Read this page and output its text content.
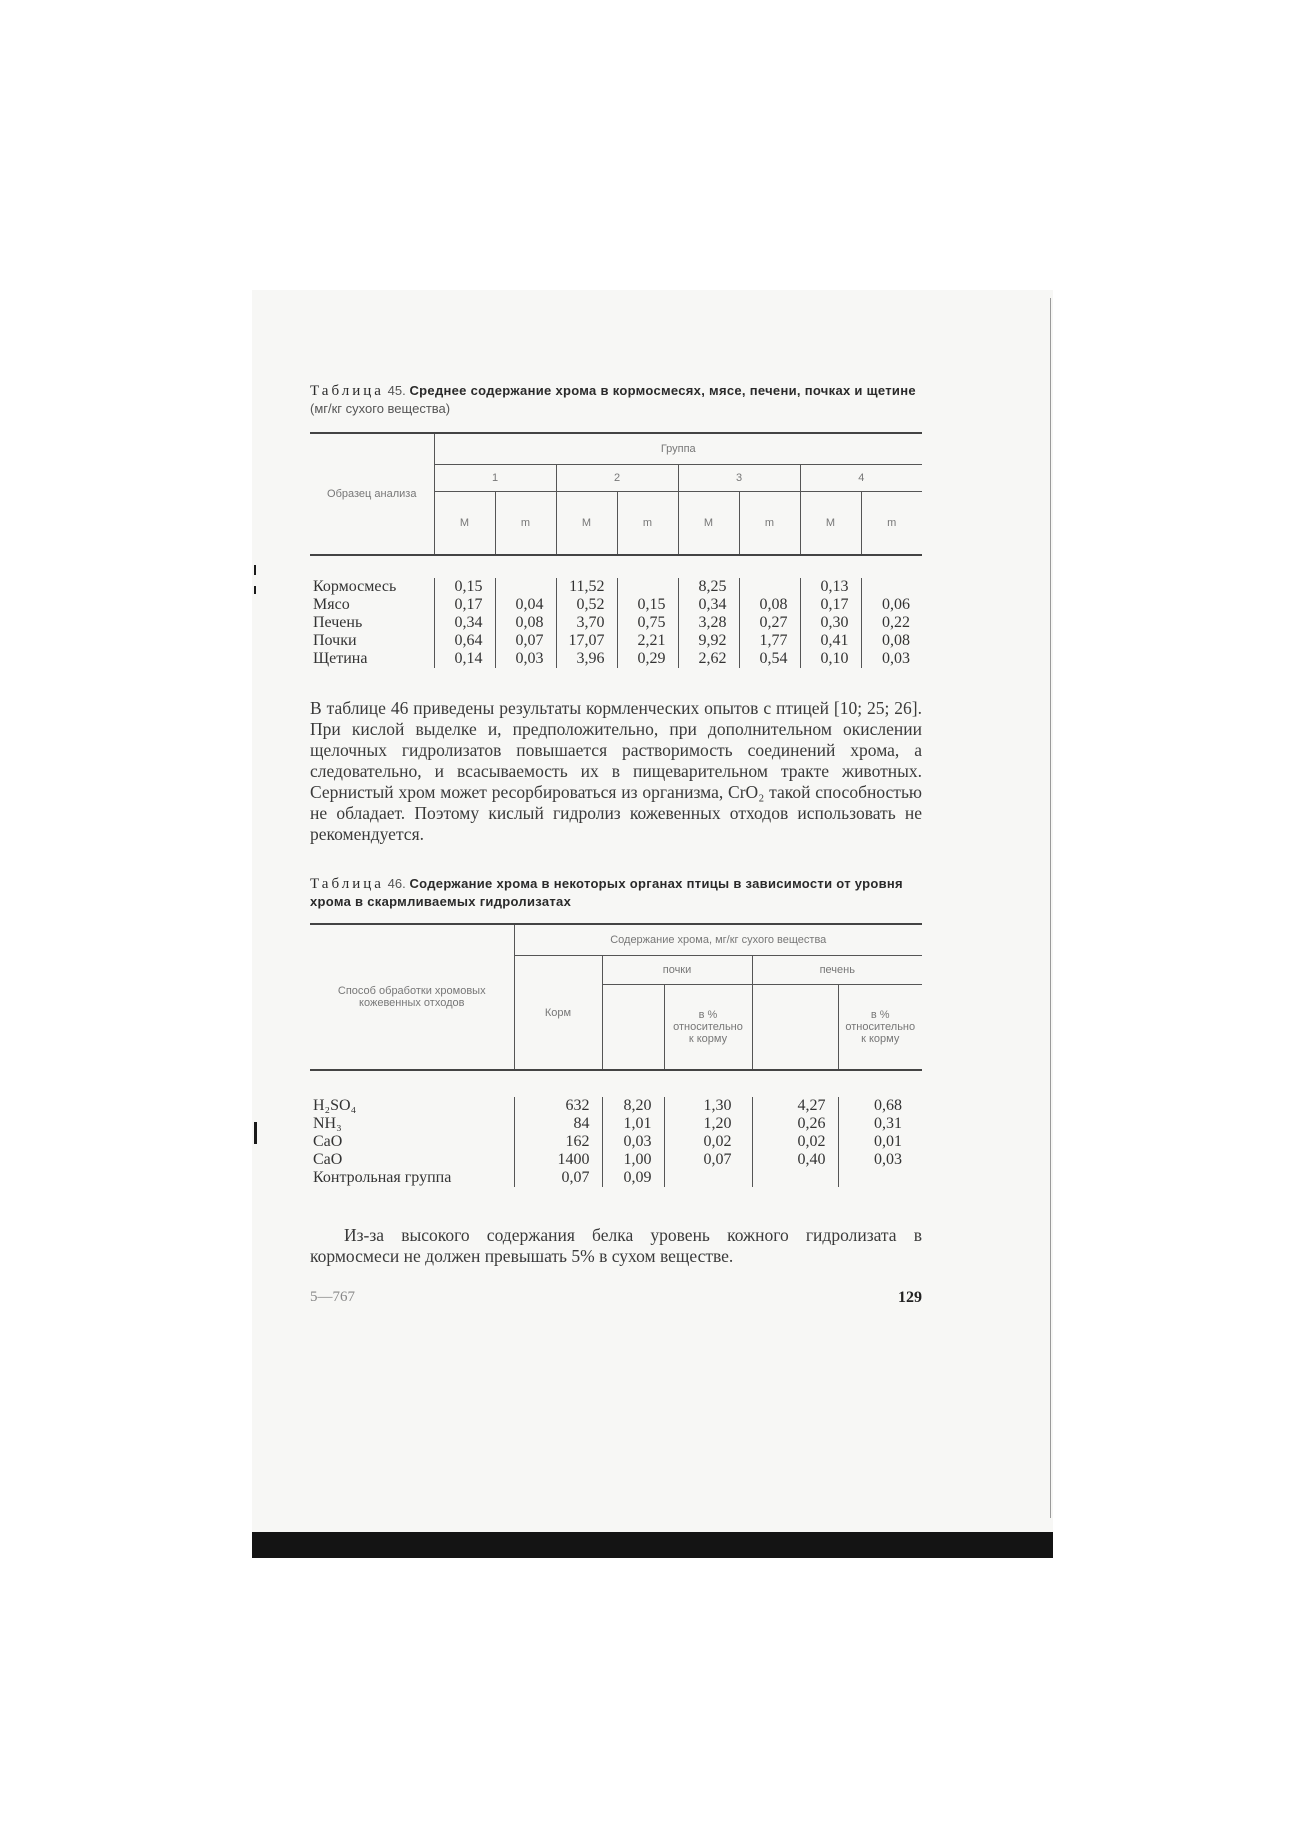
Таблица 45. Среднее содержание хрома в кормосмесях, мясе, печени, почках и щетине (мг/кг сухого вещества)
Образец анализа	Группа							
	1		2		3		4	
	M	m	M	m	M	m	M	m

Кормосмесь	0,15		11,52		8,25		0,13	
Мясо	0,17	0,04	0,52	0,15	0,34	0,08	0,17	0,06
Печень	0,34	0,08	3,70	0,75	3,28	0,27	0,30	0,22
Почки	0,64	0,07	17,07	2,21	9,92	1,77	0,41	0,08
Щетина	0,14	0,03	3,96	0,29	2,62	0,54	0,10	0,03

В таблице 46 приведены результаты кормленческих опытов с птицей [10; 25; 26]. При кислой выделке и, предположительно, при дополнительном окислении щелочных гидролизатов повышается растворимость соединений хрома, а следовательно, и всасываемость их в пищеварительном тракте животных. Сернистый хром может ресорбироваться из организма, CrO₂ такой способностью не обладает. Поэтому кислый гидролиз кожевенных отходов использовать не рекомендуется.

Таблица 46. Содержание хрома в некоторых органах птицы в зависимости от уровня хрома в скармливаемых гидролизатах
Способ обработки хромовых кожевенных отходов	Содержание хрома, мг/кг сухого вещества				
	Корм	почки		печень	
			в % относительно к корму		в % относительно к корму

H₂SO₄	632	8,20	1,30	4,27	0,68
NH₃	84	1,01	1,20	0,26	0,31
CaO	162	0,03	0,02	0,02	0,01
CaO	1400	1,00	0,07	0,40	0,03
Контрольная группа	0,07	0,09			

Из-за высокого содержания белка уровень кожного гидролизата в кормосмеси не должен превышать 5% в сухом веществе.

5—767	129
